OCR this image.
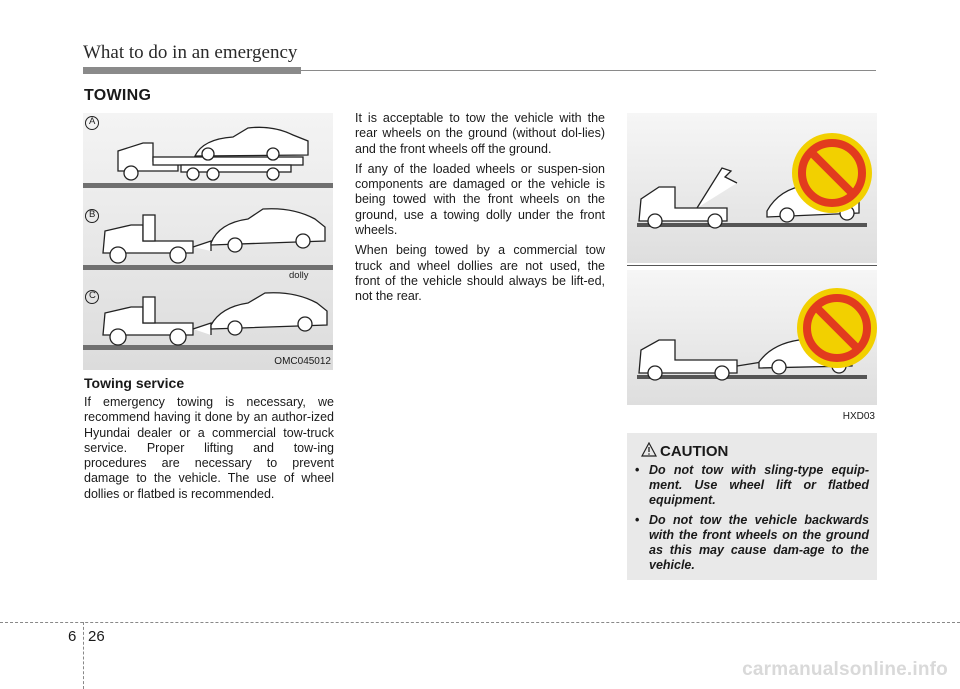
What to do in an emergency
TOWING
A
B
C
dolly
OMC045012
Towing service

If emergency towing is necessary, we recommend having it done by an author-ized Hyundai dealer or a commercial tow-truck service. Proper lifting and tow-ing procedures are necessary to prevent damage to the vehicle. The use of wheel dollies or flatbed is recommended.

It is acceptable to tow the vehicle with the rear wheels on the ground (without dol-lies) and the front wheels off the ground.

If any of the loaded wheels or suspen-sion components are damaged or the vehicle is being towed with the front wheels on the ground, use a towing dolly under the front wheels.

When being towed by a commercial tow truck and wheel dollies are not used, the front of the vehicle should always be lift-ed, not the rear.

HXD03
CAUTION
• Do not tow with sling-type equip-ment. Use wheel lift or flatbed equipment.
• Do not tow the vehicle backwards with the front wheels on the ground as this may cause dam-age to the vehicle.
6 26
carmanualsonline.info
